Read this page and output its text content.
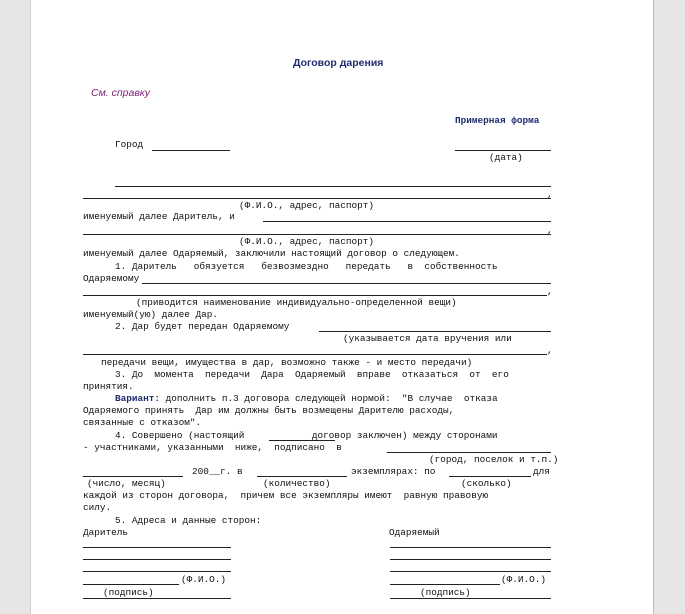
Договор дарения
См. справку
Примерная форма
Город
(дата)
,
(Ф.И.О., адрес, паспорт)
именуемый далее Даритель, и
,
(Ф.И.О., адрес, паспорт)
именуемый далее Одаряемый, заключили настоящий договор о следующем.
1. Даритель   обязуется   безвозмездно   передать   в  собственность
Одаряемому
,
(приводится наименование индивидуально-определенной вещи)
именуемый(ую) далее Дар.
2. Дар будет передан Одаряемому
(указывается дата вручения или
,
передачи вещи, имущества в дар, возможно также - и место передачи)
3. До  момента  передачи  Дара  Одаряемый  вправе  отказаться  от  его
принятия.
Вариант: дополнить п.3 договора следующей нормой:  "В случае  отказа
Одаряемого принять  Дар им должны быть возмещены Дарителю расходы,
связанные с отказом".
4. Совершено (настоящий            договор заключен) между сторонами
- участниками, указанными  ниже,  подписано  в
(город, поселок и т.п.)
200__г. в	экземплярах: по	для
(число, месяц)	(количество)	(сколько)
каждой из сторон договора,  причем все экземпляры имеют  равную правовую
силу.
5. Адреса и данные сторон:
Даритель	Одаряемый
(Ф.И.О.)	(Ф.И.О.)
(подпись)	(подпись)
